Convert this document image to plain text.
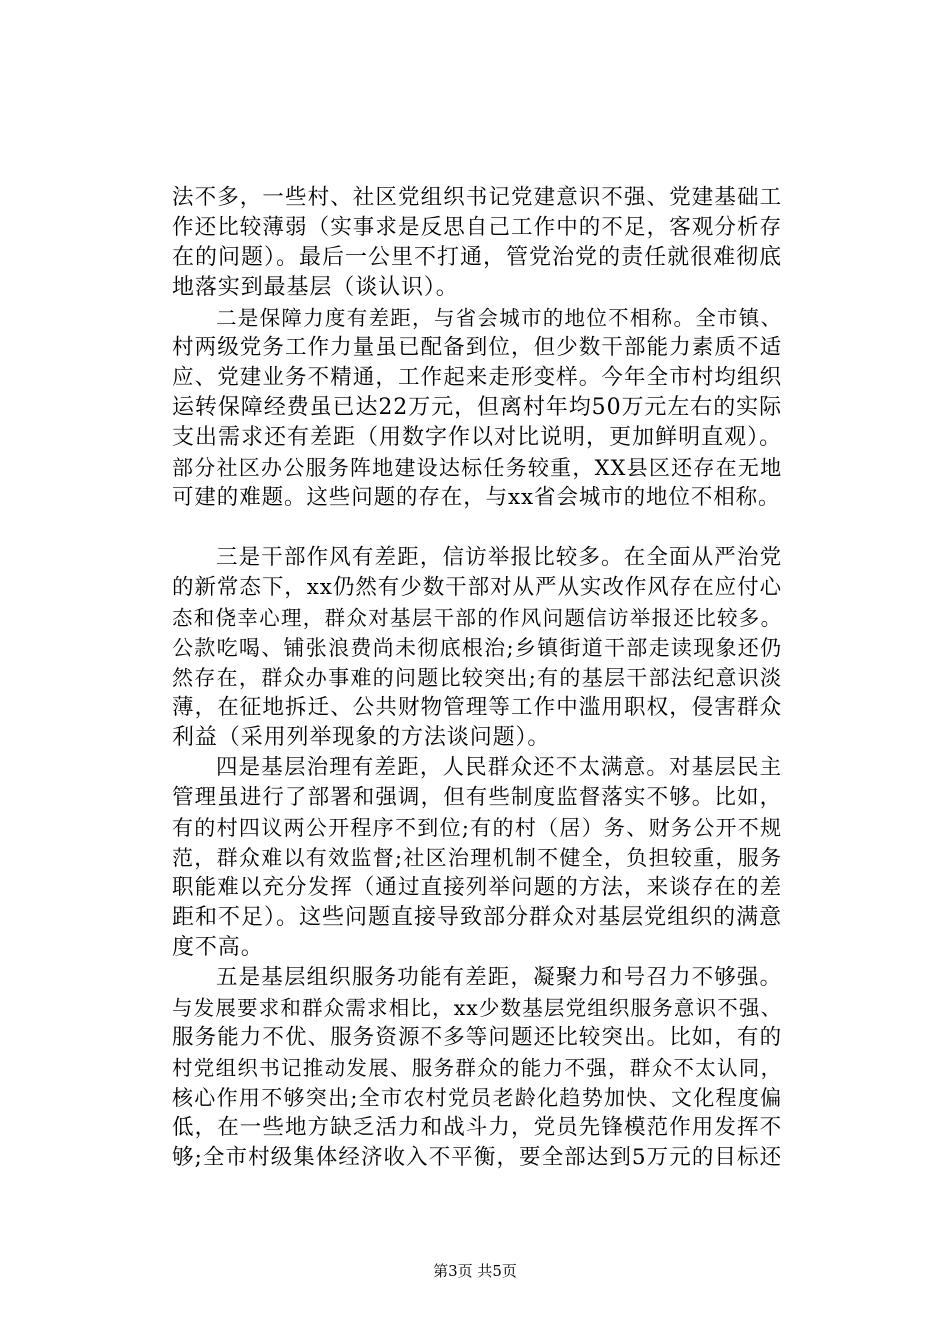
法不多，一些村、社区党组织书记党建意识不强、党建基础工
作还比较薄弱（实事求是反思自己工作中的不足，客观分析存
在的问题）。最后一公里不打通，管党治党的责任就很难彻底
地落实到最基层（谈认识）。
二是保障力度有差距，与省会城市的地位不相称。全市镇、
村两级党务工作力量虽已配备到位，但少数干部能力素质不适
应、党建业务不精通，工作起来走形变样。今年全市村均组织
运转保障经费虽已达22万元，但离村年均50万元左右的实际
支出需求还有差距（用数字作以对比说明，更加鲜明直观）。
部分社区办公服务阵地建设达标任务较重，XX县区还存在无地
可建的难题。这些问题的存在，与xx省会城市的地位不相称。
三是干部作风有差距，信访举报比较多。在全面从严治党
的新常态下，xx仍然有少数干部对从严从实改作风存在应付心
态和侥幸心理，群众对基层干部的作风问题信访举报还比较多。
公款吃喝、铺张浪费尚未彻底根治;乡镇街道干部走读现象还仍
然存在，群众办事难的问题比较突出;有的基层干部法纪意识淡
薄，在征地拆迁、公共财物管理等工作中滥用职权，侵害群众
利益（采用列举现象的方法谈问题）。
四是基层治理有差距，人民群众还不太满意。对基层民主
管理虽进行了部署和强调，但有些制度监督落实不够。比如，
有的村四议两公开程序不到位;有的村（居）务、财务公开不规
范，群众难以有效监督;社区治理机制不健全，负担较重，服务
职能难以充分发挥（通过直接列举问题的方法，来谈存在的差
距和不足）。这些问题直接导致部分群众对基层党组织的满意
度不高。
五是基层组织服务功能有差距，凝聚力和号召力不够强。
与发展要求和群众需求相比，xx少数基层党组织服务意识不强、
服务能力不优、服务资源不多等问题还比较突出。比如，有的
村党组织书记推动发展、服务群众的能力不强，群众不太认同，
核心作用不够突出;全市农村党员老龄化趋势加快、文化程度偏
低，在一些地方缺乏活力和战斗力，党员先锋模范作用发挥不
够;全市村级集体经济收入不平衡，要全部达到5万元的目标还
第3页 共5页
